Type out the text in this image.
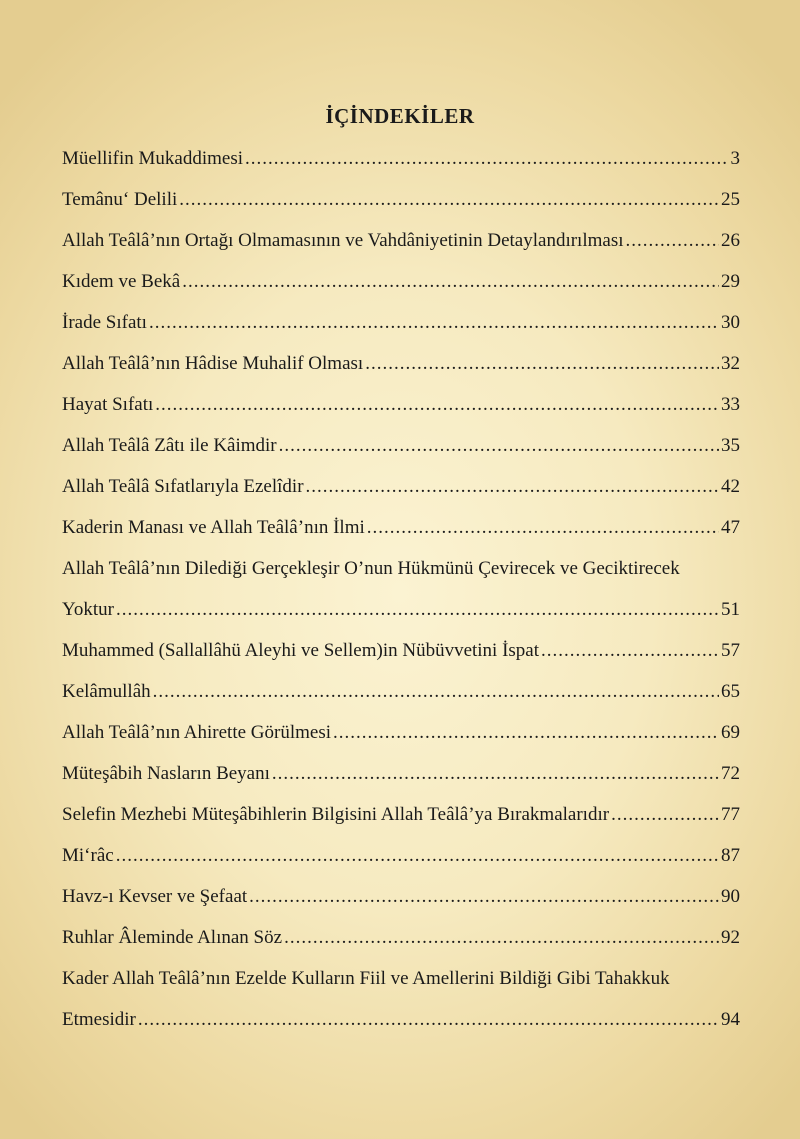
İÇİNDEKİLER
Müellifin Mukaddimesi .....	3
Temânu‘ Delili .....	25
Allah Teâlâ’nın Ortağı Olmamasının ve Vahdâniyetinin Detaylandırılması .....	26
Kıdem ve Bekâ .....	29
İrade Sıfatı .....	30
Allah Teâlâ’nın Hâdise Muhalif Olması .....	32
Hayat Sıfatı .....	33
Allah Teâlâ Zâtı ile Kâimdir .....	35
Allah Teâlâ Sıfatlarıyla Ezelîdir .....	42
Kaderin Manası ve Allah Teâlâ’nın İlmi .....	47
Allah Teâlâ’nın Dilediği Gerçekleşir O’nun Hükmünü Çevirecek ve Geciktirecek
Yoktur .....	51
Muhammed (Sallallâhü Aleyhi ve Sellem)in Nübüvvetini İspat .....	57
Kelâmullâh .....	65
Allah Teâlâ’nın Ahirette Görülmesi .....	69
Müteşâbih Nasların Beyanı .....	72
Selefin Mezhebi Müteşâbihlerin Bilgisini Allah Teâlâ’ya Bırakmalarıdır .....	77
Mi‘râc .....	87
Havz-ı Kevser ve Şefaat .....	90
Ruhlar Âleminde Alınan Söz .....	92
Kader Allah Teâlâ’nın Ezelde Kulların Fiil ve Amellerini Bildiği Gibi Tahakkuk
Etmesidir .....	94
